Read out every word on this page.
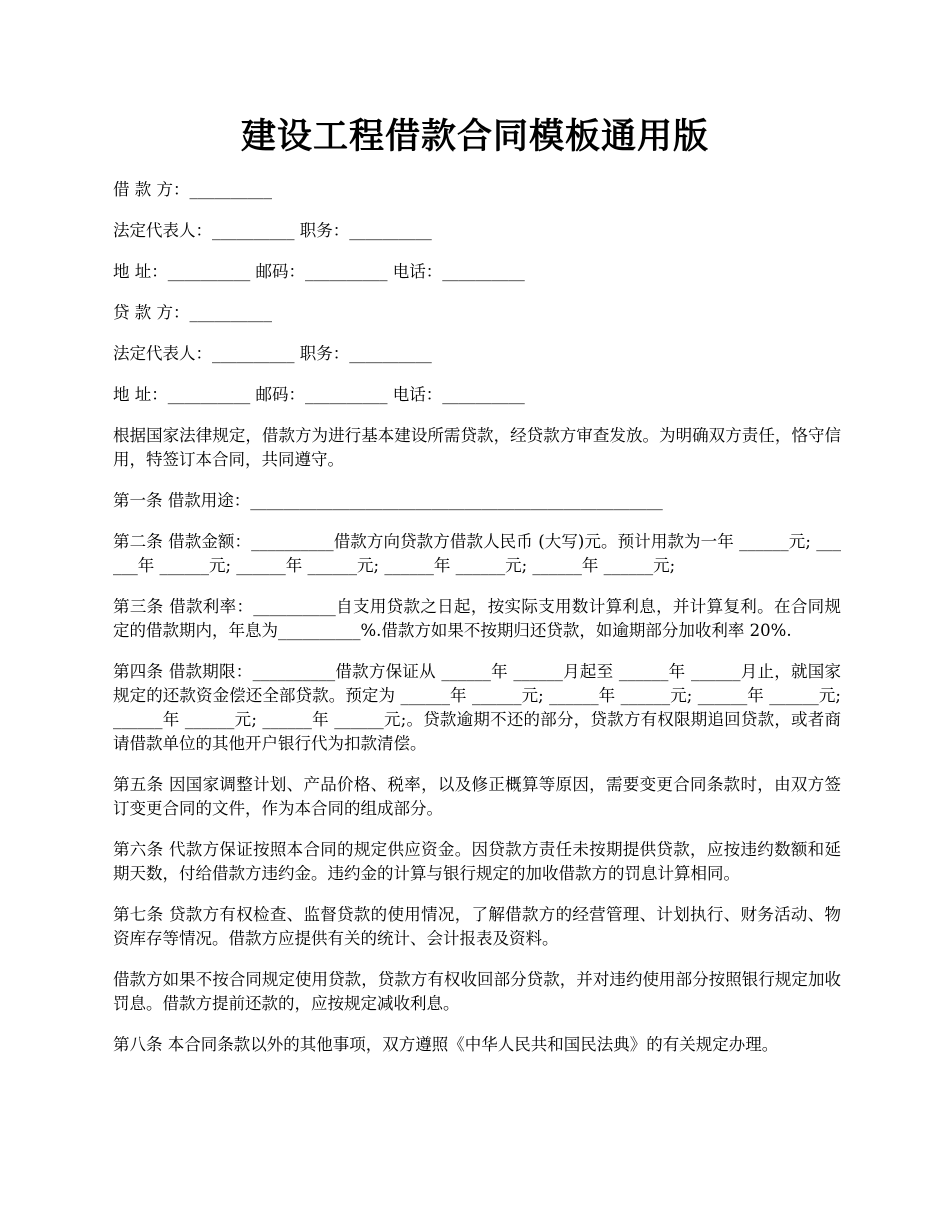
建设工程借款合同模板通用版
借 款 方：__________
法定代表人：__________ 职务：__________
地 址：__________ 邮码：__________ 电话：__________
贷 款 方：__________
法定代表人：__________ 职务：__________
地 址：__________ 邮码：__________ 电话：__________

根据国家法律规定，借款方为进行基本建设所需贷款，经贷款方审查发放。为明确双方责任，恪守信用，特签订本合同，共同遵守。

第一条 借款用途：__________________________________________________

第二条 借款金额：__________借款方向贷款方借款人民币 (大写)元。预计用款为一年 ______元; ______年 ______元; ______年 ______元; ______年 ______元; ______年 ______元;

第三条 借款利率：__________自支用贷款之日起，按实际支用数计算利息，并计算复利。在合同规定的借款期内，年息为__________%.借款方如果不按期归还贷款，如逾期部分加收利率 20%.

第四条 借款期限：__________借款方保证从 ______年 ______月起至 ______年 ______月止，就国家规定的还款资金偿还全部贷款。预定为 ______年 ______元; ______年 ______元; ______年 ______元; ______年 ______元; ______年 ______元;。贷款逾期不还的部分，贷款方有权限期追回贷款，或者商请借款单位的其他开户银行代为扣款清偿。

第五条 因国家调整计划、产品价格、税率，以及修正概算等原因，需要变更合同条款时，由双方签订变更合同的文件，作为本合同的组成部分。

第六条 代款方保证按照本合同的规定供应资金。因贷款方责任未按期提供贷款，应按违约数额和延期天数，付给借款方违约金。违约金的计算与银行规定的加收借款方的罚息计算相同。

第七条 贷款方有权检查、监督贷款的使用情况，了解借款方的经营管理、计划执行、财务活动、物资库存等情况。借款方应提供有关的统计、会计报表及资料。

借款方如果不按合同规定使用贷款，贷款方有权收回部分贷款，并对违约使用部分按照银行规定加收罚息。借款方提前还款的，应按规定减收利息。

第八条 本合同条款以外的其他事项，双方遵照《中华人民共和国民法典》的有关规定办理。
